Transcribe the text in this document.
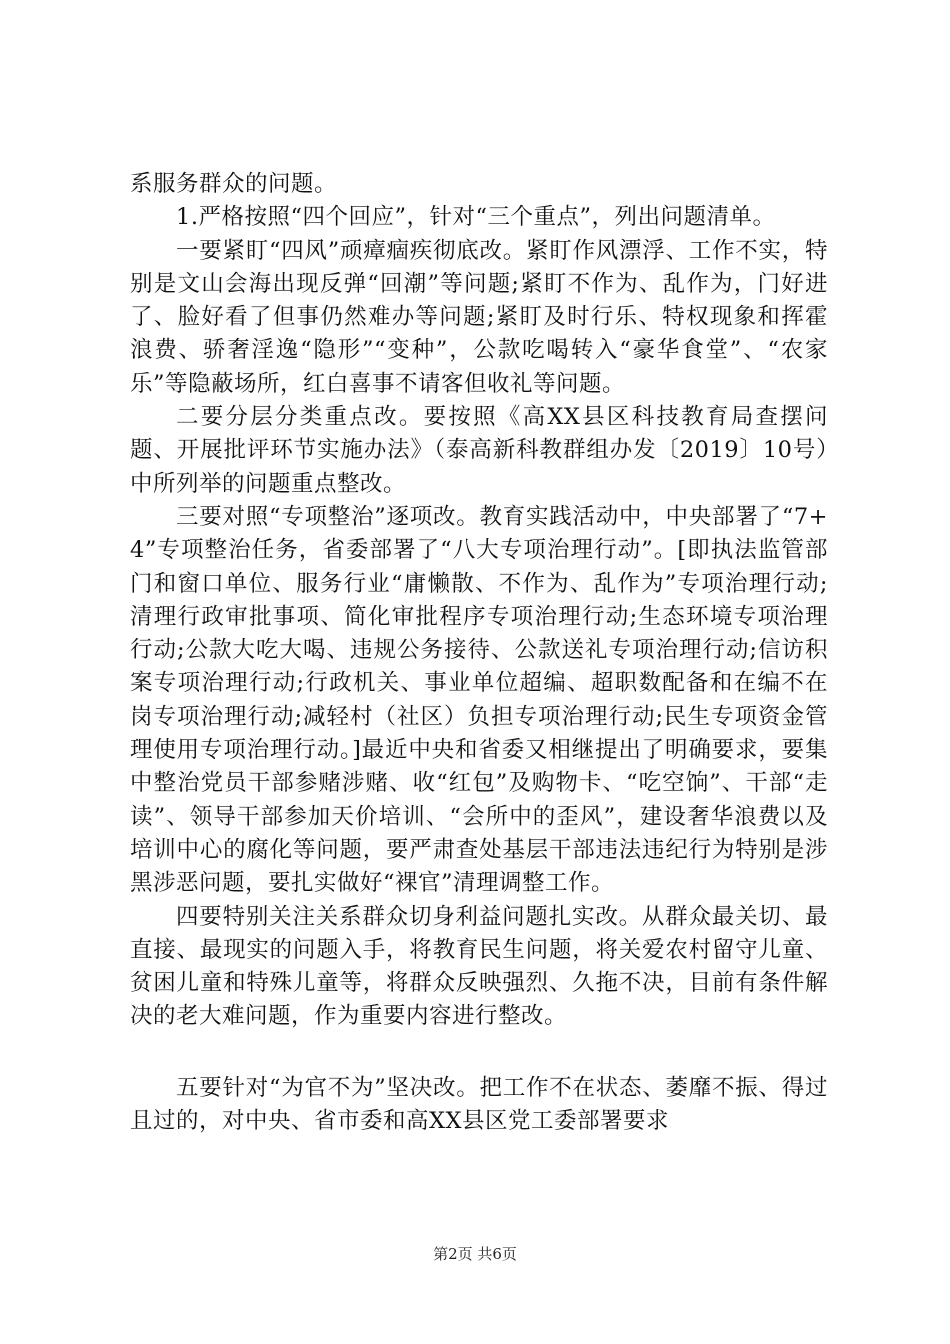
系服务群众的问题。

1.严格按照“四个回应”，针对“三个重点”，列出问题清单。

一要紧盯“四风”顽瘴痼疾彻底改。紧盯作风漂浮、工作不实，特别是文山会海出现反弹“回潮”等问题;紧盯不作为、乱作为，门好进了、脸好看了但事仍然难办等问题;紧盯及时行乐、特权现象和挥霍浪费、骄奢淫逸“隐形”“变种”，公款吃喝转入“豪华食堂”、“农家乐”等隐蔽场所，红白喜事不请客但收礼等问题。

二要分层分类重点改。要按照《高XX县区科技教育局查摆问题、开展批评环节实施办法》（泰高新科教群组办发〔2019〕10号）中所列举的问题重点整改。

三要对照“专项整治”逐项改。教育实践活动中，中央部署了“7+4”专项整治任务，省委部署了“八大专项治理行动”。[即执法监管部门和窗口单位、服务行业“庸懒散、不作为、乱作为”专项治理行动;清理行政审批事项、简化审批程序专项治理行动;生态环境专项治理行动;公款大吃大喝、违规公务接待、公款送礼专项治理行动;信访积案专项治理行动;行政机关、事业单位超编、超职数配备和在编不在岗专项治理行动;减轻村（社区）负担专项治理行动;民生专项资金管理使用专项治理行动。]最近中央和省委又相继提出了明确要求，要集中整治党员干部参赌涉赌、收“红包”及购物卡、“吃空饷”、干部“走读”、领导干部参加天价培训、“会所中的歪风”，建设奢华浪费以及培训中心的腐化等问题，要严肃查处基层干部违法违纪行为特别是涉黑涉恶问题，要扎实做好“裸官”清理调整工作。

四要特别关注关系群众切身利益问题扎实改。从群众最关切、最直接、最现实的问题入手，将教育民生问题，将关爱农村留守儿童、贫困儿童和特殊儿童等，将群众反映强烈、久拖不决，目前有条件解决的老大难问题，作为重要内容进行整改。

五要针对“为官不为”坚决改。把工作不在状态、萎靡不振、得过且过的，对中央、省市委和高XX县区党工委部署要求

第2页 共6页
